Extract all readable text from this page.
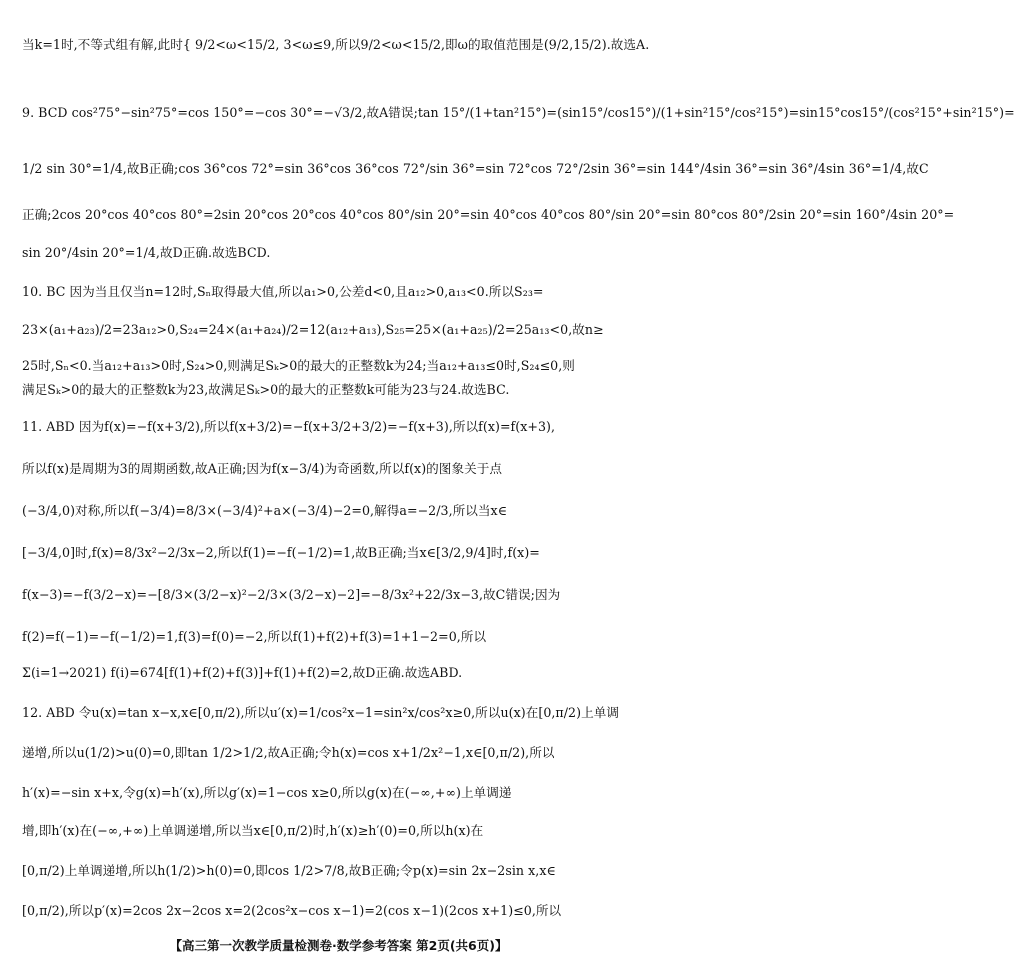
当k=1时,不等式组有解,此时{ 9/2<ω<15/2, 3<ω≤9,所以9/2<ω<15/2,即ω的取值范围是(9/2,15/2).故选A.
9. BCD cos²75°−sin²75°=cos 150°=−cos 30°=−√3/2,故A错误;tan 15°/(1+tan²15°)=(sin15°/cos15°)/(1+sin²15°/cos²15°)=sin15°cos15°/(cos²15°+sin²15°)=
1/2 sin 30°=1/4,故B正确;cos 36°cos 72°=sin 36°cos 36°cos 72°/sin 36°=sin 72°cos 72°/2sin 36°=sin 144°/4sin 36°=sin 36°/4sin 36°=1/4,故C
正确;2cos 20°cos 40°cos 80°=2sin 20°cos 20°cos 40°cos 80°/sin 20°=sin 40°cos 40°cos 80°/sin 20°=sin 80°cos 80°/2sin 20°=sin 160°/4sin 20°=
sin 20°/4sin 20°=1/4,故D正确.故选BCD.
10. BC 因为当且仅当n=12时,Sₙ取得最大值,所以a₁>0,公差d<0,且a₁₂>0,a₁₃<0.所以S₂₃=
23×(a₁+a₂₃)/2=23a₁₂>0,S₂₄=24×(a₁+a₂₄)/2=12(a₁₂+a₁₃),S₂₅=25×(a₁+a₂₅)/2=25a₁₃<0,故n≥
25时,Sₙ<0.当a₁₂+a₁₃>0时,S₂₄>0,则满足Sₖ>0的最大的正整数k为24;当a₁₂+a₁₃≤0时,S₂₄≤0,则
满足Sₖ>0的最大的正整数k为23,故满足Sₖ>0的最大的正整数k可能为23与24.故选BC.
11. ABD 因为f(x)=−f(x+3/2),所以f(x+3/2)=−f(x+3/2+3/2)=−f(x+3),所以f(x)=f(x+3),
所以f(x)是周期为3的周期函数,故A正确;因为f(x−3/4)为奇函数,所以f(x)的图象关于点
(−3/4,0)对称,所以f(−3/4)=8/3×(−3/4)²+a×(−3/4)−2=0,解得a=−2/3,所以当x∈
[−3/4,0]时,f(x)=8/3x²−2/3x−2,所以f(1)=−f(−1/2)=1,故B正确;当x∈[3/2,9/4]时,f(x)=
f(x−3)=−f(3/2−x)=−[8/3×(3/2−x)²−2/3×(3/2−x)−2]=−8/3x²+22/3x−3,故C错误;因为
f(2)=f(−1)=−f(−1/2)=1,f(3)=f(0)=−2,所以f(1)+f(2)+f(3)=1+1−2=0,所以
Σ(i=1→2021) f(i)=674[f(1)+f(2)+f(3)]+f(1)+f(2)=2,故D正确.故选ABD.
12. ABD 令u(x)=tan x−x,x∈[0,π/2),所以u′(x)=1/cos²x−1=sin²x/cos²x≥0,所以u(x)在[0,π/2)上单调
递增,所以u(1/2)>u(0)=0,即tan 1/2>1/2,故A正确;令h(x)=cos x+1/2x²−1,x∈[0,π/2),所以
h′(x)=−sin x+x,令g(x)=h′(x),所以g′(x)=1−cos x≥0,所以g(x)在(−∞,+∞)上单调递
增,即h′(x)在(−∞,+∞)上单调递增,所以当x∈[0,π/2)时,h′(x)≥h′(0)=0,所以h(x)在
[0,π/2)上单调递增,所以h(1/2)>h(0)=0,即cos 1/2>7/8,故B正确;令p(x)=sin 2x−2sin x,x∈
[0,π/2),所以p′(x)=2cos 2x−2cos x=2(2cos²x−cos x−1)=2(cos x−1)(2cos x+1)≤0,所以
【高三第一次教学质量检测卷·数学参考答案 第2页(共6页)】
